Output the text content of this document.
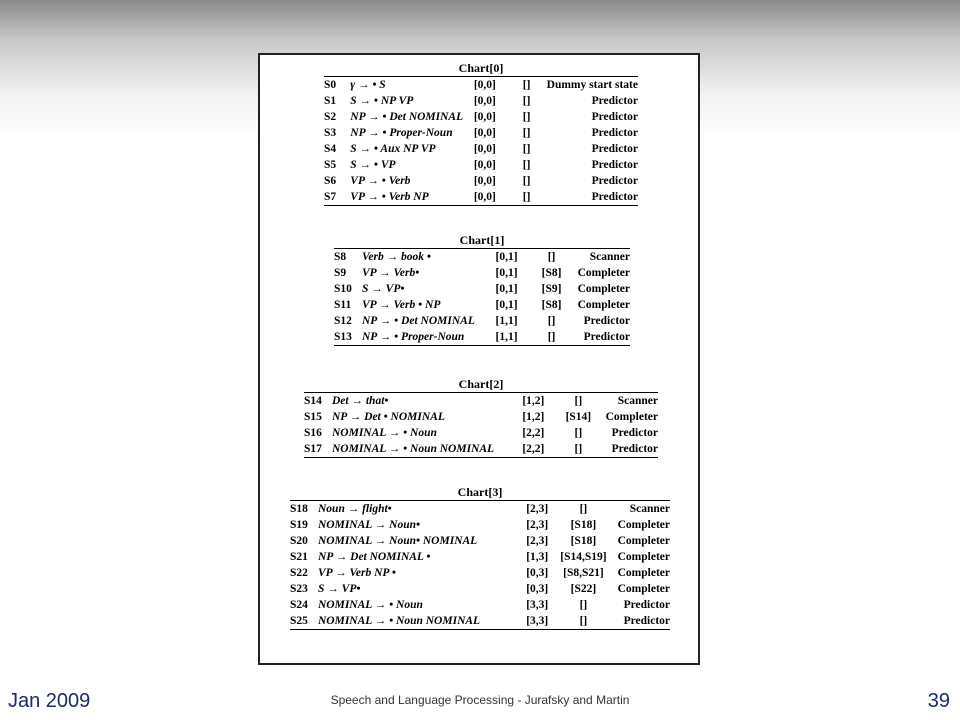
Chart[0]
S0	γ → • S	[0,0]	[]	Dummy start state
S1	S → • NP VP	[0,0]	[]	Predictor
S2	NP → • Det NOMINAL	[0,0]	[]	Predictor
S3	NP → • Proper-Noun	[0,0]	[]	Predictor
S4	S → • Aux NP VP	[0,0]	[]	Predictor
S5	S → • VP	[0,0]	[]	Predictor
S6	VP → • Verb	[0,0]	[]	Predictor
S7	VP → • Verb NP	[0,0]	[]	Predictor
Chart[1]
S8	Verb → book •	[0,1]	[]	Scanner
S9	VP → Verb•	[0,1]	[S8]	Completer
S10	S → VP•	[0,1]	[S9]	Completer
S11	VP → Verb • NP	[0,1]	[S8]	Completer
S12	NP → • Det NOMINAL	[1,1]	[]	Predictor
S13	NP → • Proper-Noun	[1,1]	[]	Predictor
Chart[2]
S14	Det → that•	[1,2]	[]	Scanner
S15	NP → Det • NOMINAL	[1,2]	[S14]	Completer
S16	NOMINAL → • Noun	[2,2]	[]	Predictor
S17	NOMINAL → • Noun NOMINAL	[2,2]	[]	Predictor
Chart[3]
S18	Noun → flight•	[2,3]	[]	Scanner
S19	NOMINAL → Noun•	[2,3]	[S18]	Completer
S20	NOMINAL → Noun• NOMINAL	[2,3]	[S18]	Completer
S21	NP → Det NOMINAL •	[1,3]	[S14,S19]	Completer
S22	VP → Verb NP •	[0,3]	[S8,S21]	Completer
S23	S → VP•	[0,3]	[S22]	Completer
S24	NOMINAL → • Noun	[3,3]	[]	Predictor
S25	NOMINAL → • Noun NOMINAL	[3,3]	[]	Predictor
Jan 2009	Speech and Language Processing - Jurafsky and Martin	39
